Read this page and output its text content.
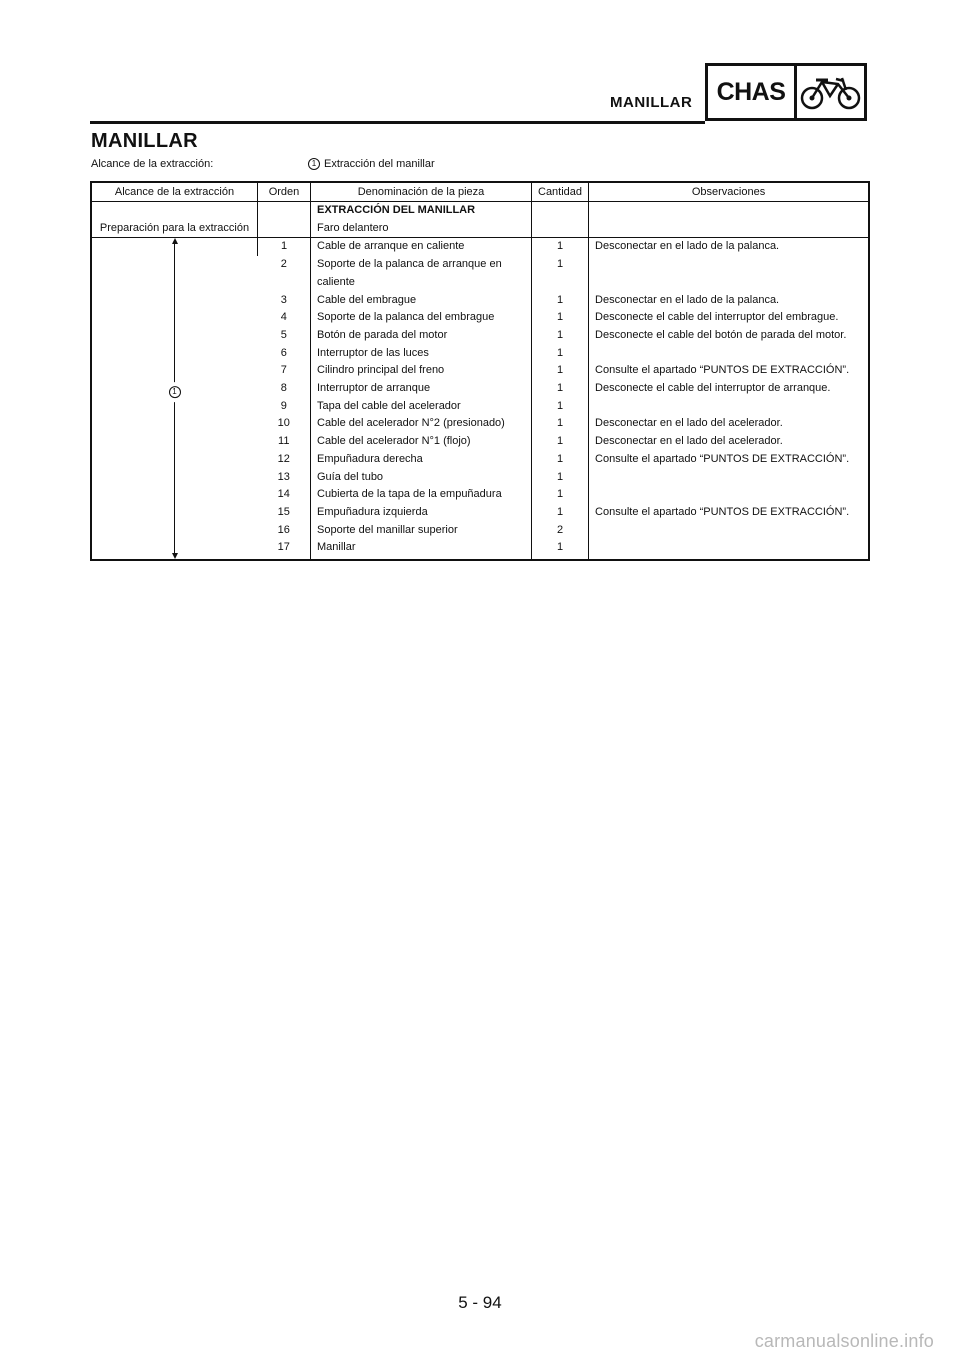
MANILLAR CHAS
MANILLAR
Alcance de la extracción:	1 Extracción del manillar
Alcance de la extracción	Orden	Denominación de la pieza	Cantidad	Observaciones
		EXTRACCIÓN DEL MANILLAR		
Preparación para la extracción		Faro delantero		

1	1	Cable de arranque en caliente	1	Desconectar en el lado de la palanca.
	2	Soporte de la palanca de arranque en caliente	1	
	3	Cable del embrague	1	Desconectar en el lado de la palanca.
	4	Soporte de la palanca del embrague	1	Desconecte el cable del interruptor del embrague.
	5	Botón de parada del motor	1	Desconecte el cable del botón de parada del motor.
	6	Interruptor de las luces	1	
	7	Cilindro principal del freno	1	Consulte el apartado “PUNTOS DE EXTRACCIÓN”.
	8	Interruptor de arranque	1	Desconecte el cable del interruptor de arranque.
	9	Tapa del cable del acelerador	1	
	10	Cable del acelerador N°2 (presionado)	1	Desconectar en el lado del acelerador.
	11	Cable del acelerador N°1 (flojo)	1	Desconectar en el lado del acelerador.
	12	Empuñadura derecha	1	Consulte el apartado “PUNTOS DE EXTRACCIÓN”.
	13	Guía del tubo	1	
	14	Cubierta de la tapa de la empuñadura	1	
	15	Empuñadura izquierda	1	Consulte el apartado “PUNTOS DE EXTRACCIÓN”.
	16	Soporte del manillar superior	2	
	17	Manillar	1	
5 - 94
carmanualsonline.info
